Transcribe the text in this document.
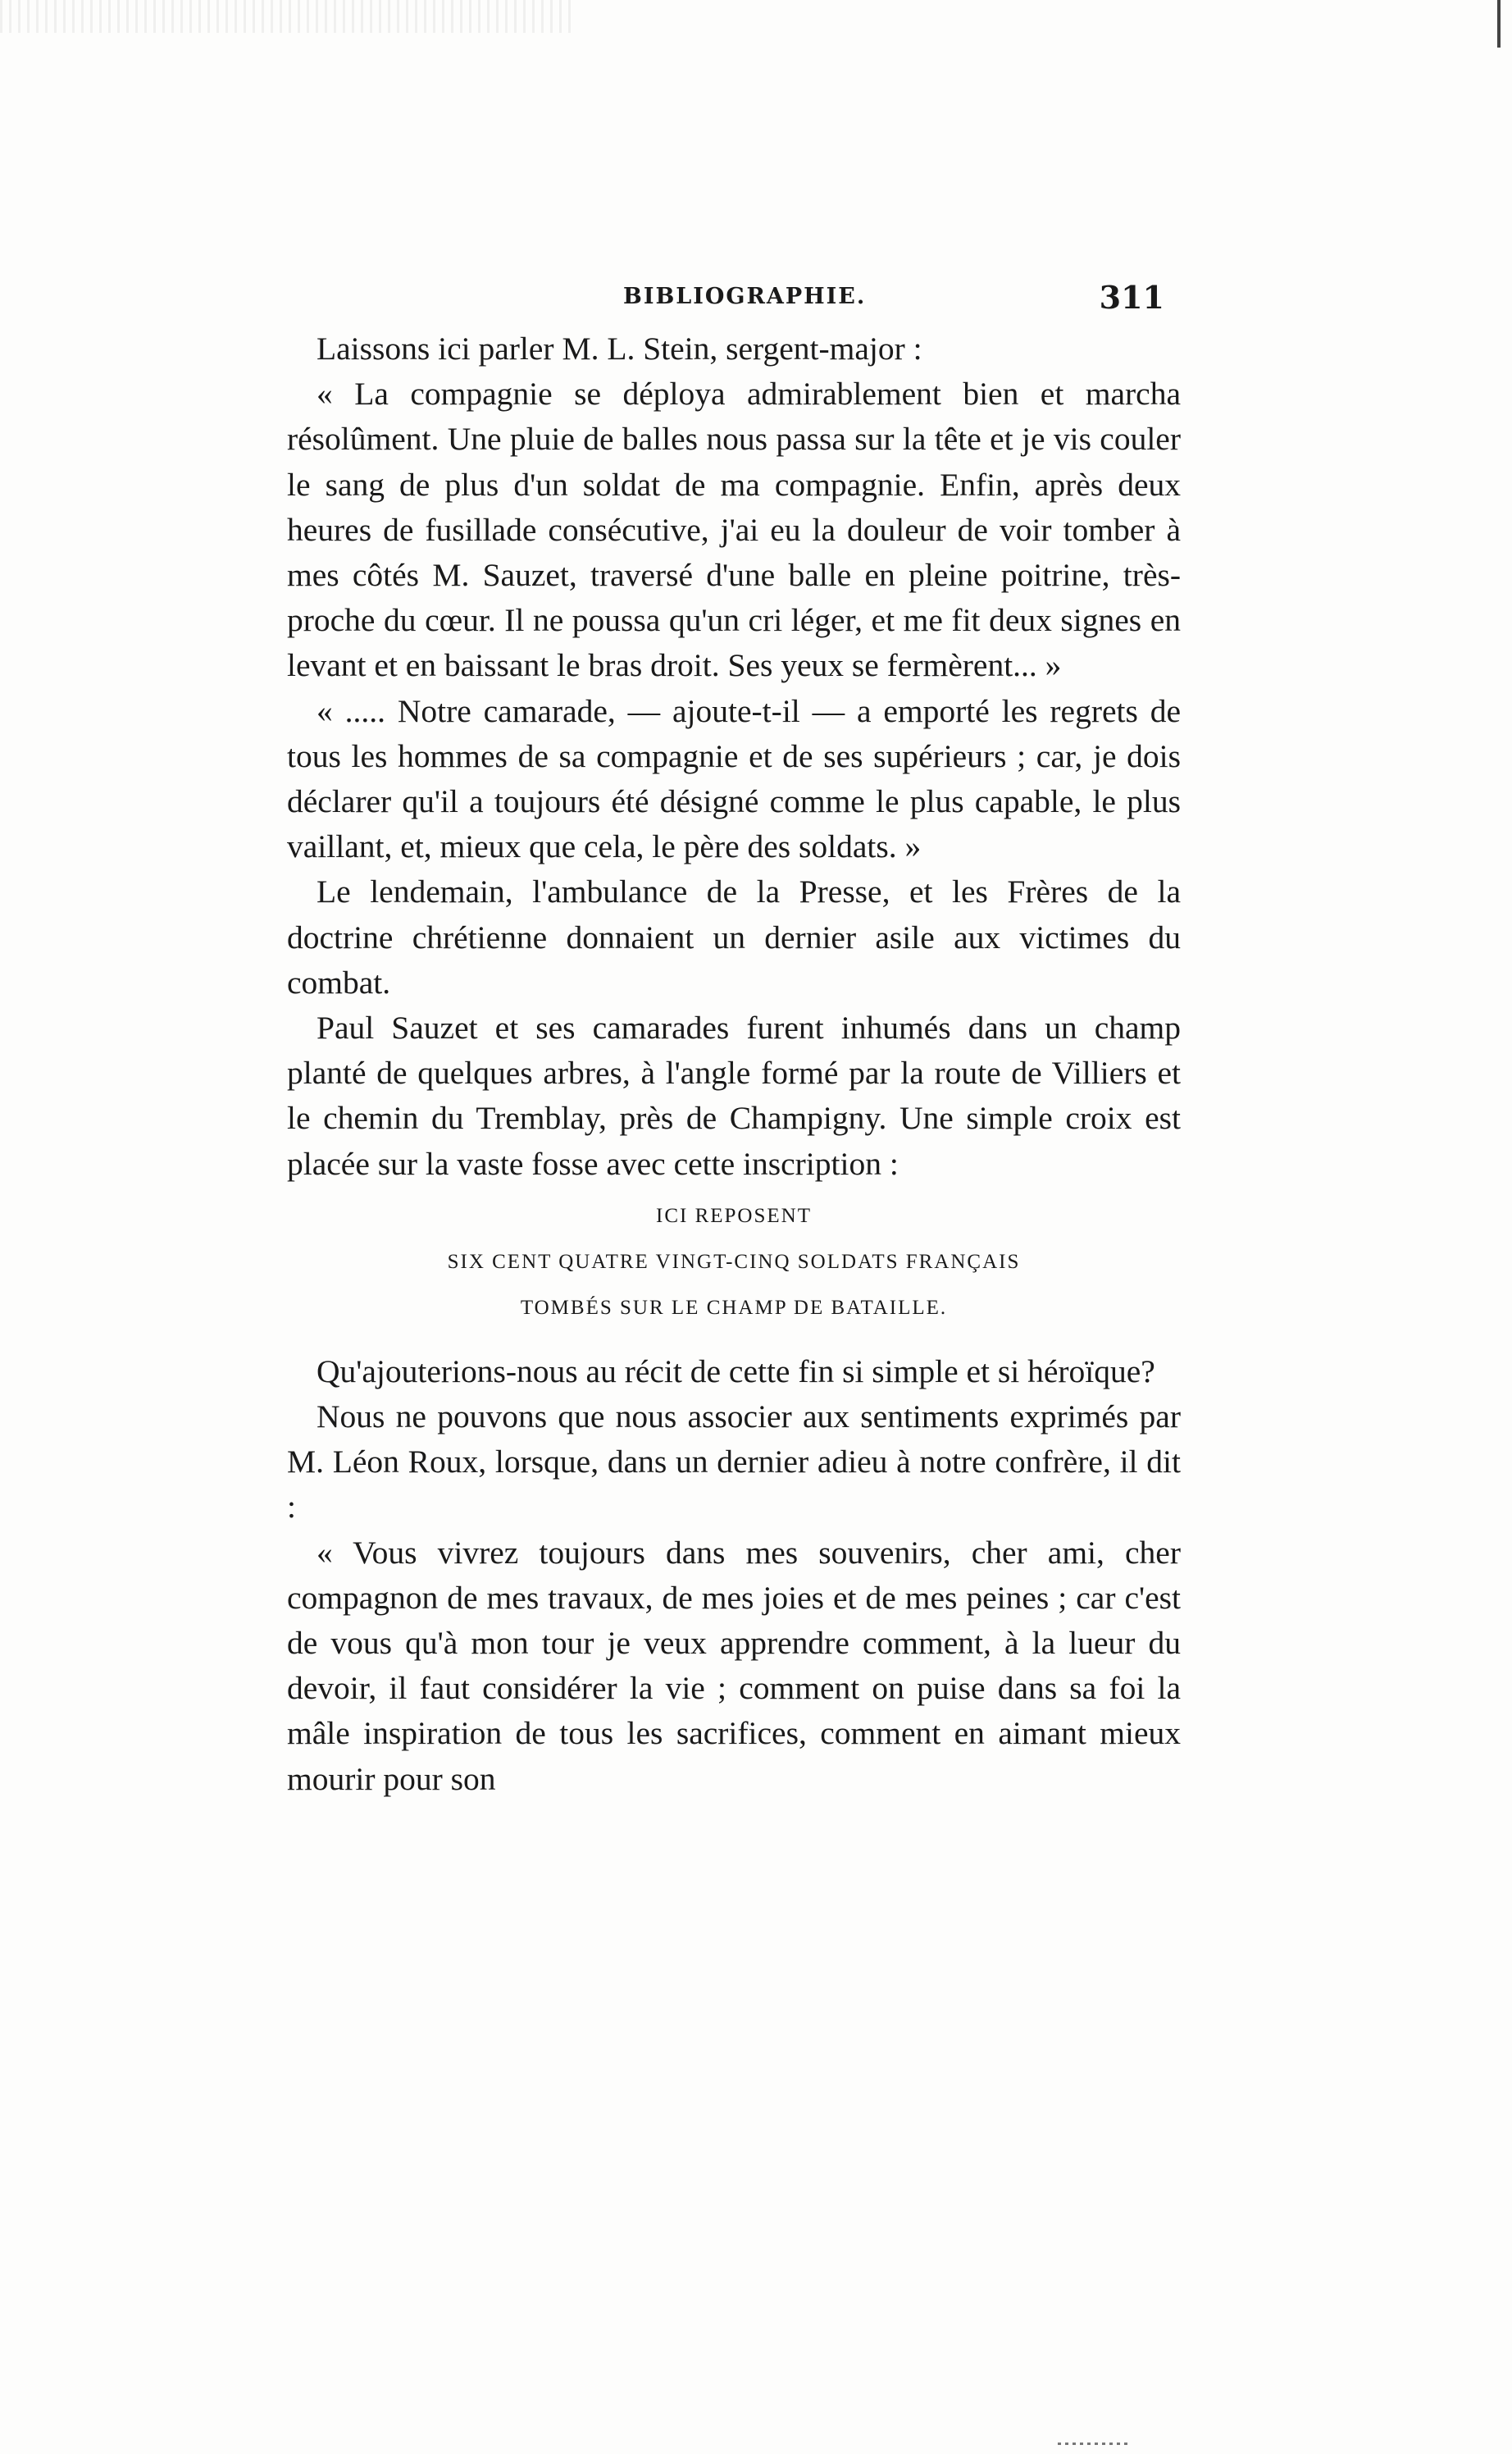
BIBLIOGRAPHIE.	311

Laissons ici parler M. L. Stein, sergent-major :

« La compagnie se déploya admirablement bien et marcha résolûment. Une pluie de balles nous passa sur la tête et je vis couler le sang de plus d'un soldat de ma compagnie. Enfin, après deux heures de fusillade consécutive, j'ai eu la douleur de voir tomber à mes côtés M. Sauzet, traversé d'une balle en pleine poitrine, très-proche du cœur. Il ne poussa qu'un cri léger, et me fit deux signes en levant et en baissant le bras droit. Ses yeux se fermèrent... »

« ..... Notre camarade, — ajoute-t-il — a emporté les regrets de tous les hommes de sa compagnie et de ses supérieurs ; car, je dois déclarer qu'il a toujours été désigné comme le plus capable, le plus vaillant, et, mieux que cela, le père des soldats. »

Le lendemain, l'ambulance de la Presse, et les Frères de la doctrine chrétienne donnaient un dernier asile aux victimes du combat.

Paul Sauzet et ses camarades furent inhumés dans un champ planté de quelques arbres, à l'angle formé par la route de Villiers et le chemin du Tremblay, près de Champigny. Une simple croix est placée sur la vaste fosse avec cette inscription :

ICI REPOSENT
SIX CENT QUATRE VINGT-CINQ SOLDATS FRANÇAIS
TOMBÉS SUR LE CHAMP DE BATAILLE.

Qu'ajouterions-nous au récit de cette fin si simple et si héroïque?

Nous ne pouvons que nous associer aux sentiments exprimés par M. Léon Roux, lorsque, dans un dernier adieu à notre confrère, il dit :

« Vous vivrez toujours dans mes souvenirs, cher ami, cher compagnon de mes travaux, de mes joies et de mes peines ; car c'est de vous qu'à mon tour je veux apprendre comment, à la lueur du devoir, il faut considérer la vie ; comment on puise dans sa foi la mâle inspiration de tous les sacrifices, comment en aimant mieux mourir pour son
